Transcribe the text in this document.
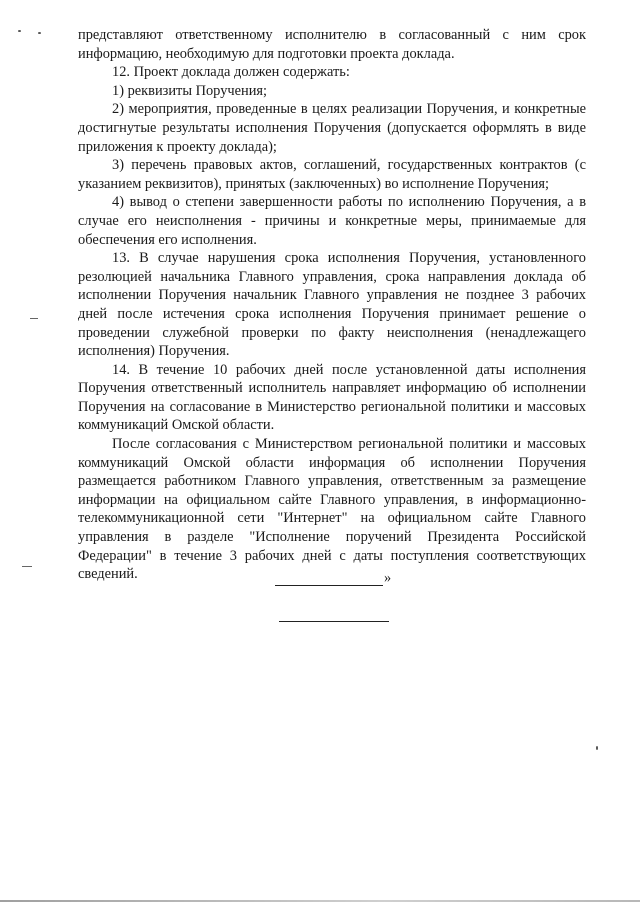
представляют ответственному исполнителю в согласованный с ним срок информацию, необходимую для подготовки проекта доклада.

12. Проект доклада должен содержать:

1) реквизиты Поручения;

2) мероприятия, проведенные в целях реализации Поручения, и конкретные достигнутые результаты исполнения Поручения (допускается оформлять в виде приложения к проекту доклада);

3) перечень правовых актов, соглашений, государственных контрактов (с указанием реквизитов), принятых (заключенных) во исполнение Поручения;

4) вывод о степени завершенности работы по исполнению Поручения, а в случае его неисполнения - причины и конкретные меры, принимаемые для обеспечения его исполнения.

13. В случае нарушения срока исполнения Поручения, установленного резолюцией начальника Главного управления, срока направления доклада об исполнении Поручения начальник Главного управления не позднее 3 рабочих дней после истечения срока исполнения Поручения принимает решение о проведении служебной проверки по факту неисполнения (ненадлежащего исполнения) Поручения.

14. В течение 10 рабочих дней после установленной даты исполнения Поручения ответственный исполнитель направляет информацию об исполнении Поручения на согласование в Министерство региональной политики и массовых коммуникаций Омской области.

После согласования с Министерством региональной политики и массовых коммуникаций Омской области информация об исполнении Поручения размещается работником Главного управления, ответственным за размещение информации на официальном сайте Главного управления, в информационно-телекоммуникационной сети "Интернет" на официальном сайте Главного управления в разделе "Исполнение поручений Президента Российской Федерации" в течение 3 рабочих дней с даты поступления соответствующих сведений.	»
